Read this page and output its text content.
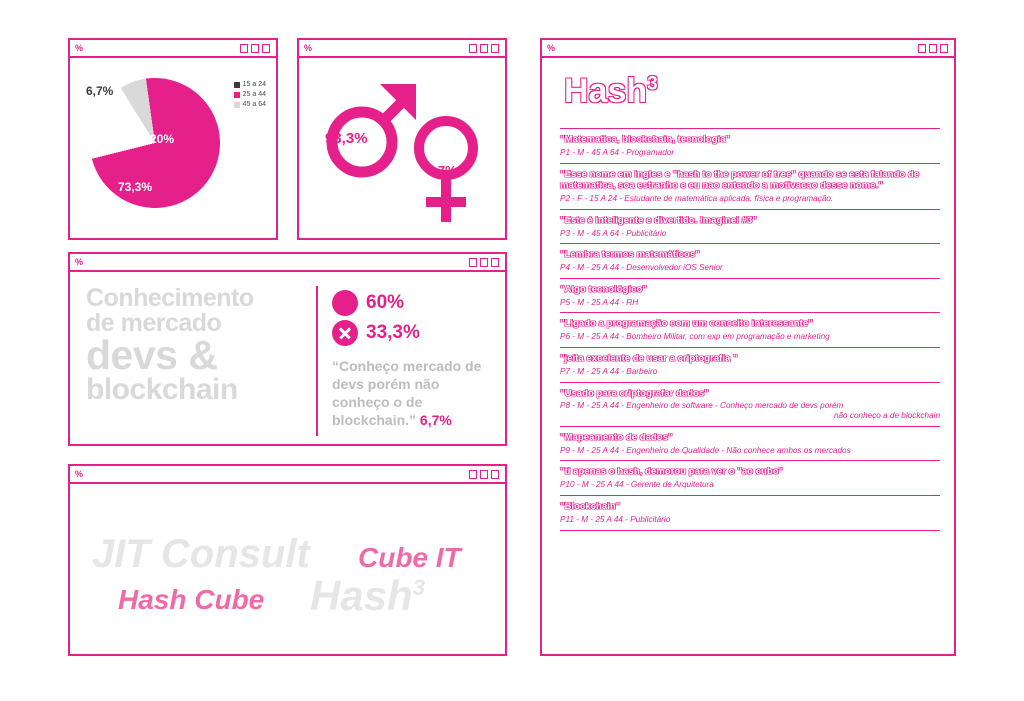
%
6,7%
20%
73,3%
15 a 24
25 a 44
45 a 64
%
93,3%
6,7%
%
Conhecimento
de mercado
devs &
blockchain
60%
33,3%
“Conheço mercado de devs porém não conheço o de blockchain.” 6,7%
%
JIT Consult Cube IT
Hash Cube Hash$^3$
%
Hash$^3$
"Matematica, blockchain, tecnologia"
P1 - M - 45 A 64 - Programador
"Esse nome em ingles e "hash to the power of tree" quando se esta falando de matematica, soa estranho e eu nao entendo a motivacao desse nome."
P2 - F - 15 A 24 - Estudante de matemática aplicada, física e programação.
"Este é inteligente e divertido. Imaginei #3"
P3 - M - 45 A 64 - Publicitário
"Lembra termos matemáticos"
P4 - M - 25 A 44 - Desenvolvedor iOS Senior
"Algo tecnológico"
P5 - M - 25 A 44 - RH
"Ligado a programação com um conceito interessante"
P6 - M - 25 A 44 - Bombeiro Militar, com exp em programação e marketing
"jeita excelente de usar a criptografia "
P7 - M - 25 A 44 - Barbeiro
"Usado para criptografar dados"
P8 - M - 25 A 44 - Engenheiro de software - Conheço mercado de devs porém
não conheço a de blockchain
"Mapeamento de dados"
P9 - M - 25 A 44 - Engenheiro de Qualidade - Não conhece ambos os mercados
"ti apenas o hash, demorou para ver o "ao cubo"
P10 - M - 25 A 44 - Gerente de Arquitetura
"Blockchain"
P11 - M - 25 A 44 - Publicitário
